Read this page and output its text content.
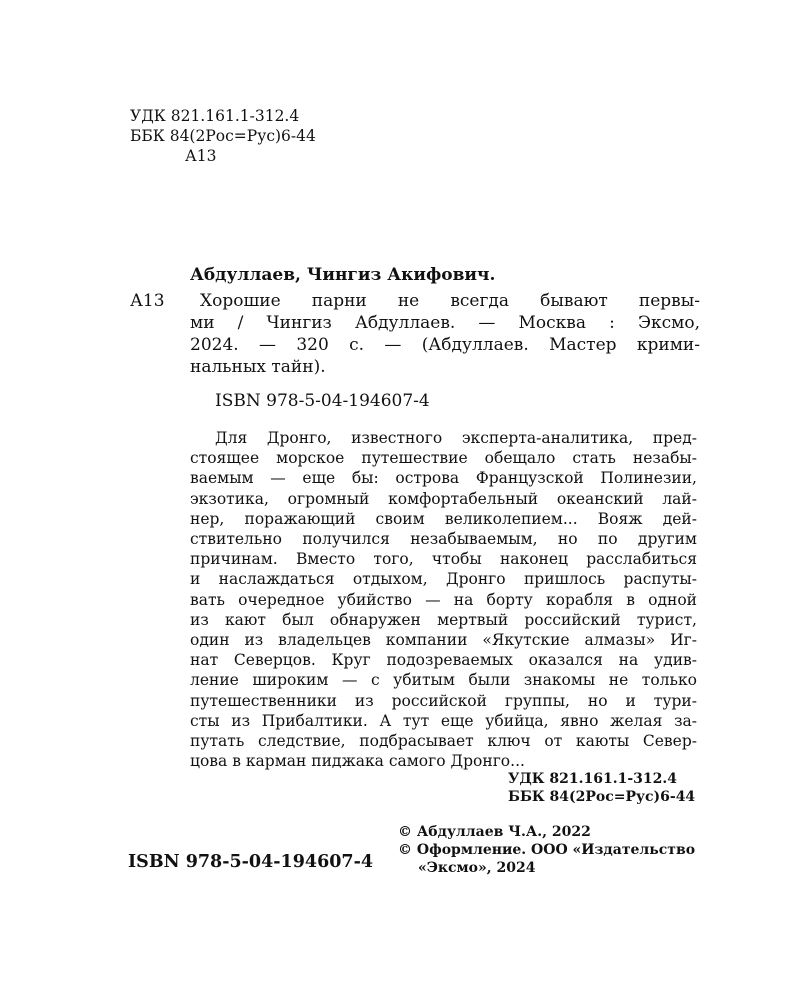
УДК 821.161.1-312.4
ББК 84(2Рос=Рус)6-44
А13
Абдуллаев, Чингиз Акифович.
А13 Хорошие парни не всегда бывают первы-
ми / Чингиз Абдуллаев. — Москва : Эксмо,
2024. — 320 с. — (Абдуллаев. Мастер крими-
нальных тайн).
ISBN 978-5-04-194607-4
Для Дронго, известного эксперта-аналитика, пред-
стоящее морское путешествие обещало стать незабы-
ваемым — еще бы: острова Французской Полинезии,
экзотика, огромный комфортабельный океанский лай-
нер, поражающий своим великолепием... Вояж дей-
ствительно получился незабываемым, но по другим
причинам. Вместо того, чтобы наконец расслабиться
и наслаждаться отдыхом, Дронго пришлось распуты-
вать очередное убийство — на борту корабля в одной
из кают был обнаружен мертвый российский турист,
один из владельцев компании «Якутские алмазы» Иг-
нат Северцов. Круг подозреваемых оказался на удив-
ление широким — с убитым были знакомы не только
путешественники из российской группы, но и тури-
сты из Прибалтики. А тут еще убийца, явно желая за-
путать следствие, подбрасывает ключ от каюты Север-
цова в карман пиджака самого Дронго...
УДК 821.161.1-312.4
ББК 84(2Рос=Рус)6-44
ISBN 978-5-04-194607-4
© Абдуллаев Ч.А., 2022
© Оформление. ООО «Издательство
«Эксмо», 2024
